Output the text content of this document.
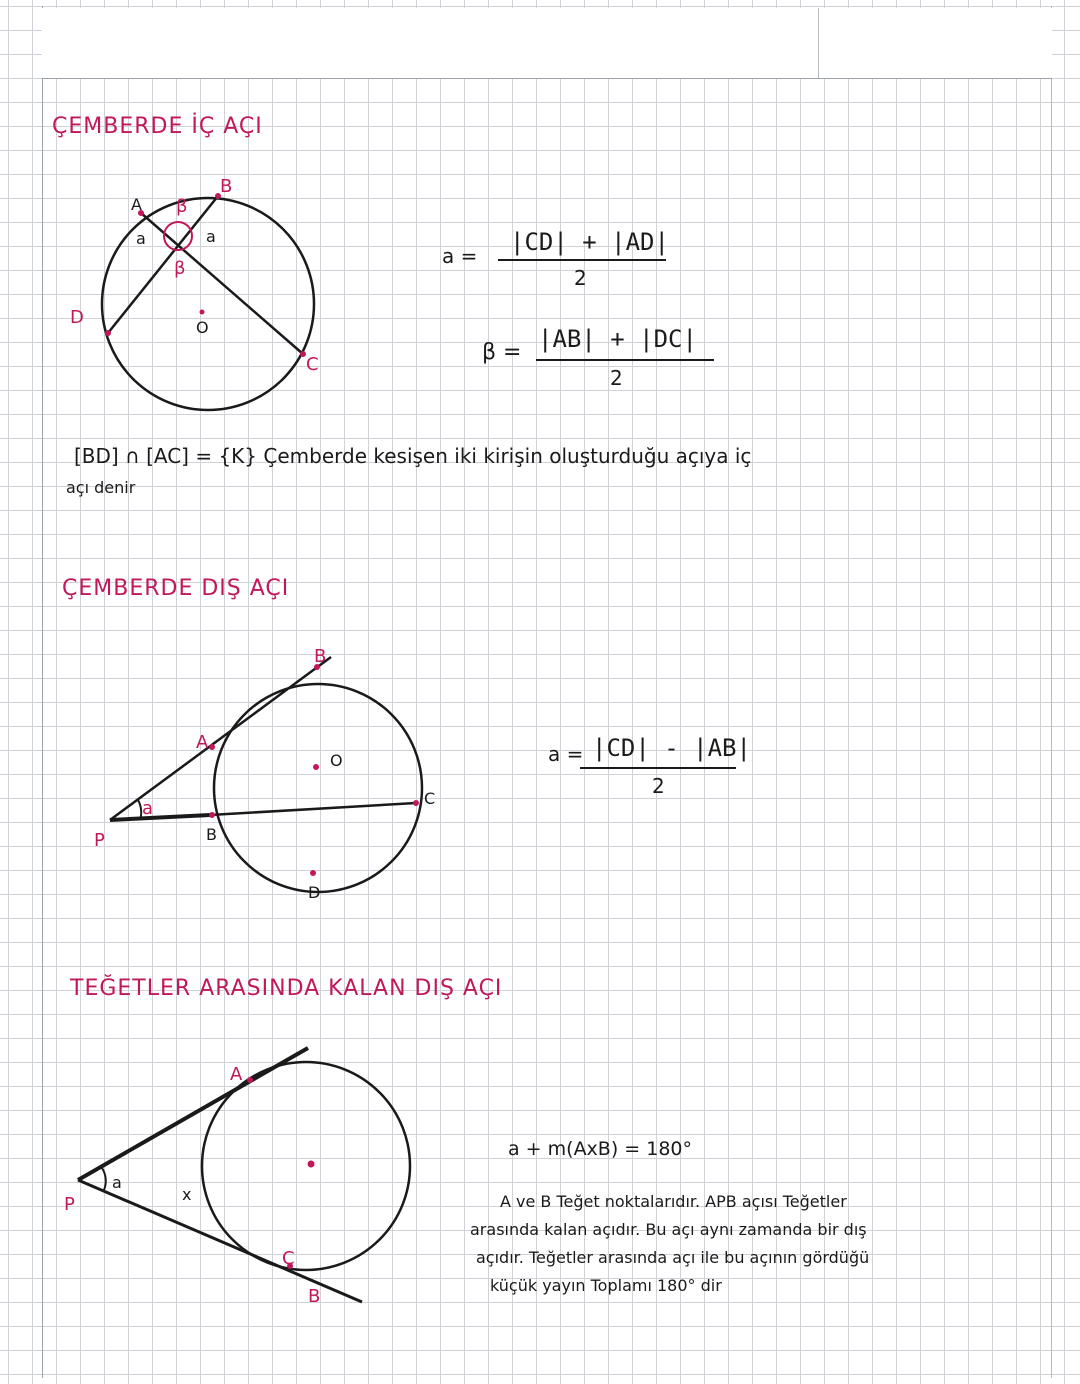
ÇEMBERDE İÇ AÇI
A
B
C
D	O
a	a
β
β
a = |CD| + |AD|
2
β = |AB| + |DC|
2
[BD] ∩ [AC] = {K} Çemberde kesişen iki kirişin oluşturduğu açıya iç
açı denir
ÇEMBERDE DIŞ AÇI
A
B
B
C
D
O
P
a
a = |CD| - |AB|
2
TEĞETLER ARASINDA KALAN DIŞ AÇI
A
B
C
P	x
a
a + m(AxB) = 180°
A ve B Teğet noktalarıdır. APB açısı Teğetler
arasında kalan açıdır. Bu açı aynı zamanda bir dış
açıdır. Teğetler arasında açı ile bu açının gördüğü
küçük yayın Toplamı 180° dir
